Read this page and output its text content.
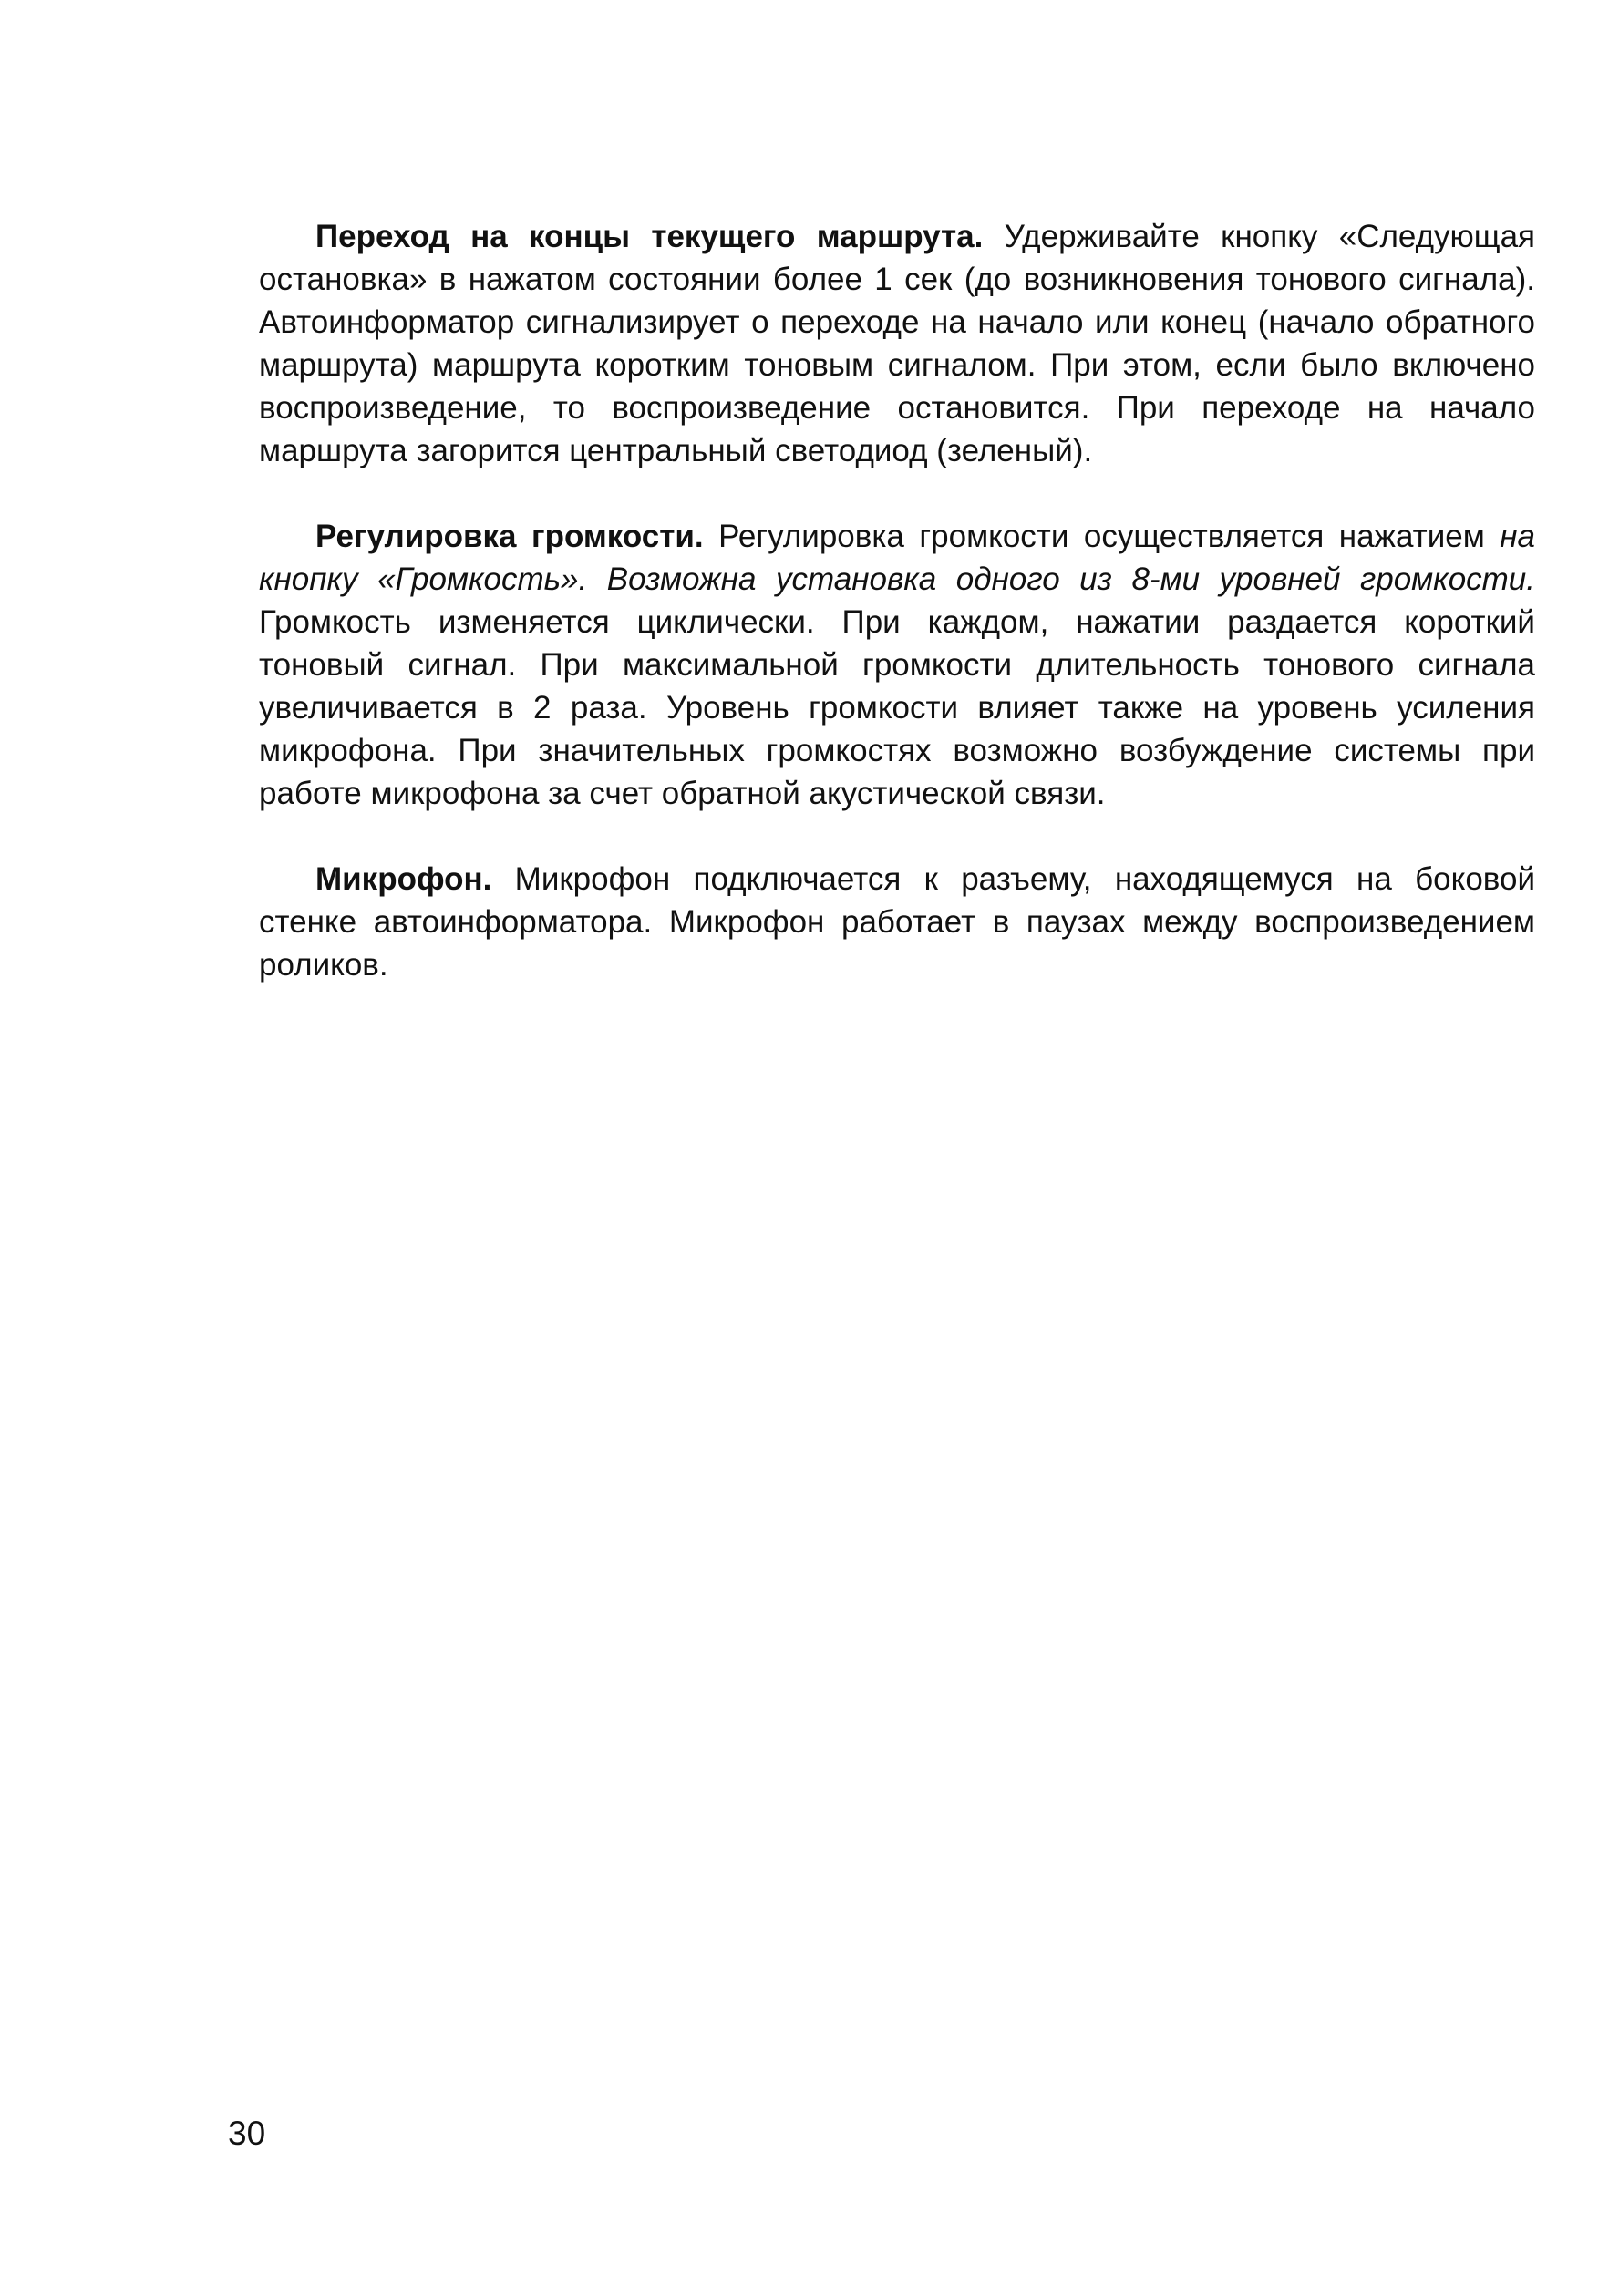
Переход на концы текущего маршрута. Удерживайте кнопку «Следующая остановка» в нажатом состоянии более 1 сек (до возникновения тонового сигнала). Автоинформатор сигнализирует о переходе на начало или конец (начало обратного маршрута) маршрута коротким тоновым сигналом. При этом, если было включено воспроизведение, то воспроизведение остановится. При переходе на начало маршрута загорится центральный светодиод (зеленый).

Регулировка громкости. Регулировка громкости осуществляется нажатием на кнопку «Громкость». Возможна установка одного из 8-ми уровней громкости. Громкость изменяется циклически. При каждом, нажатии раздается короткий тоновый сигнал. При максимальной громкости длительность тонового сигнала увеличивается в 2 раза. Уровень громкости влияет также на уровень усиления микрофона. При значительных громкостях возможно возбуждение системы при работе микрофона за счет обратной акустической связи.

Микрофон. Микрофон подключается к разъему, находящемуся на боковой стенке автоинформатора. Микрофон работает в паузах между воспроизведением роликов.

30
